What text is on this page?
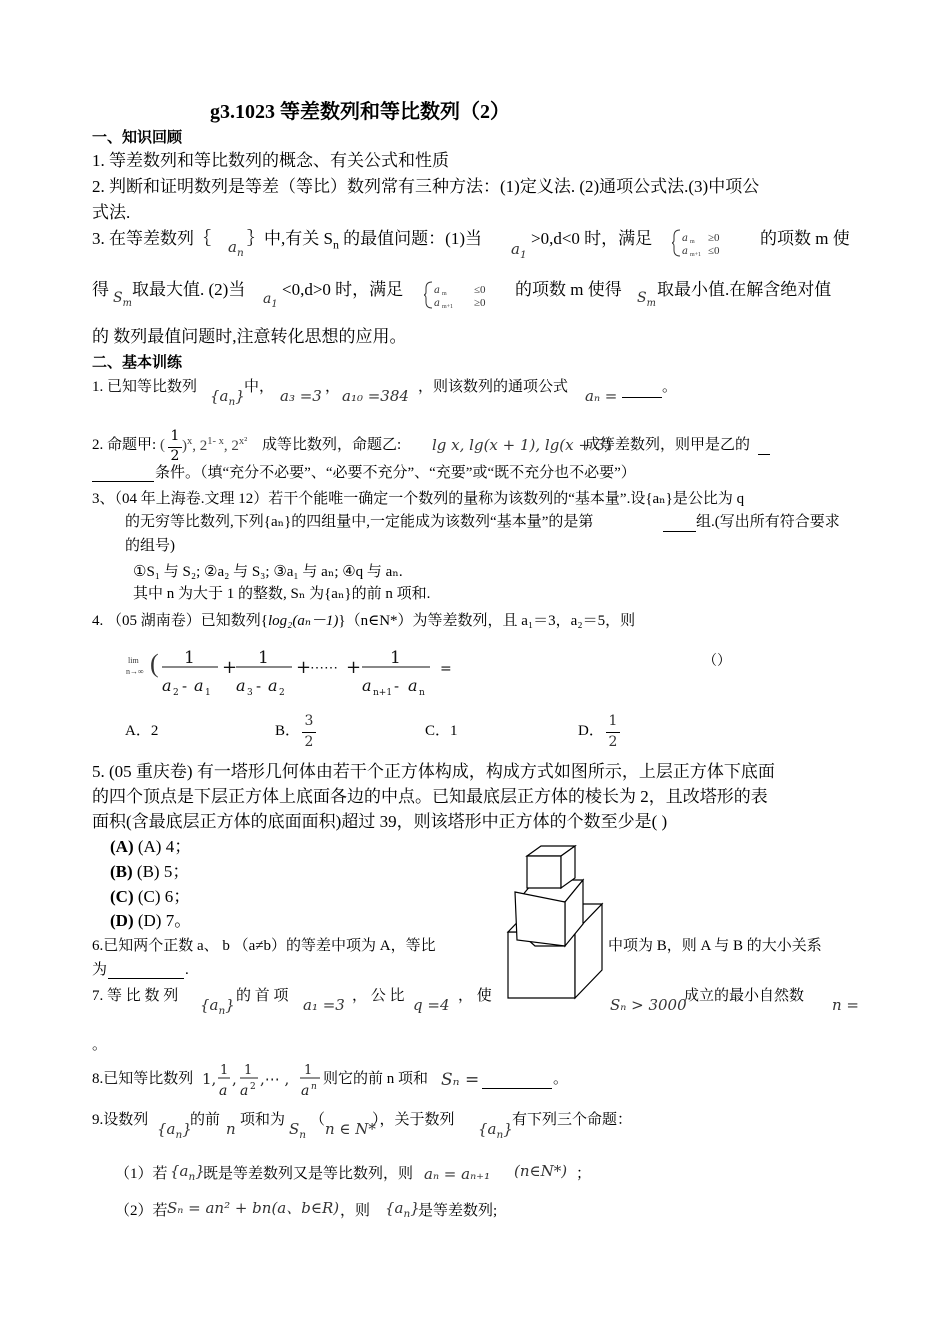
g3.1023 等差数列和等比数列（2）
一、知识回顾
1. 等差数列和等比数列的概念、有关公式和性质
2. 判断和证明数列是等差（等比）数列常有三种方法：(1)定义法. (2)通项公式法.(3)中项公
式法.
3. 在等差数列｛ $a_n$
｝中,有关 $S_n$ 的最值问题：(1)当
$a_1$
>0,d<0 时，满足	a m ≥0
a m+1 ≤0
的项数 m 使
得 $S_m$
取最大值. (2)当 $a_1$
<0,d>0 时，满足	a m ≤0
a m+1 ≥0
的项数 m 使得 $S_m$
取最小值.在解含绝对值
的 数列最值问题时,注意转化思想的应用。
二、基本训练
1. 已知等比数列 $\{a_n\}$ 中， a₃ =3 ， a₁₀ =384 ，则该数列的通项公式 aₙ =	。
2. 命题甲:
1
2
( )$^x$, 2$^{1- x}$, $2^{x^2}$ 成等比数列，命题乙: lg x, lg(x + 1), lg(x + 3)
成等差数列，则甲是乙的
条件。（填“充分不必要”、“必要不充分”、“充要”或“既不充分也不必要”）
3、（04 年上海卷.文理 12）若干个能唯一确定一个数列的量称为该数列的“基本量”.设{aₙ}是公比为 q
的无穷等比数列,下列{aₙ}的四组量中,一定能成为该数列“基本量”的是第	组.(写出所有符合要求
的组号)
①S₁ 与 S₂; ②a₂ 与 S₃; ③a₁ 与 aₙ; ④q 与 aₙ.
其中 n 为大于 1 的整数, Sₙ 为{aₙ}的前 n 项和.
4. （05 湖南卷）已知数列{log₂(aₙ－1)}（n∈N*）为等差数列，且 a₁＝3，a₂＝5，则
lim
n→∞ ( 1
a 2 - a 1
+ 1
a 3 - a 2
+
⋯⋯ + 1
a n+1 - a n
=	（）
A．2	B．
3
2
C．1	D．
1
2
5. (05 重庆卷) 有一塔形几何体由若干个正方体构成，构成方式如图所示，上层正方体下底面
的四个顶点是下层正方体上底面各边的中点。已知最底层正方体的棱长为 2，且改塔形的表
面积(含最底层正方体的底面面积)超过 39，则该塔形中正方体的个数至少是( )
(A) (A) 4；
(B) (B) 5；
(C) (C) 6；
(D) (D) 7。
6.已知两个正数 a、 b （a≠b）的等差中项为 A，等比	中项为 B，则 A 与 B 的大小关系
为	.
7. 等 比 数 列 $\{a_n\}$ 的 首 项 a₁ =3 ， 公 比 q =4 ， 使	Sₙ > 3000
成立的最小自然数 n =
。
8.已知等比数列 1, 1
a
, 1
a 2 ,⋯ , 1
a n 则它的前 n 项和 Sₙ =	。
9.设数列 $\{a_n\}$
的前 n 项和为 $S_n$
（ n ∈ N*
），关于数列 $\{a_n\}$ 有下列三个命题：
（1）若 $\{a_n\}$
既是等差数列又是等比数列，则 aₙ = aₙ₊₁ (n∈N*) ；
（2）若 Sₙ = an² + bn(a、b∈R) ，则 $\{a_n\}$
是等差数列;
